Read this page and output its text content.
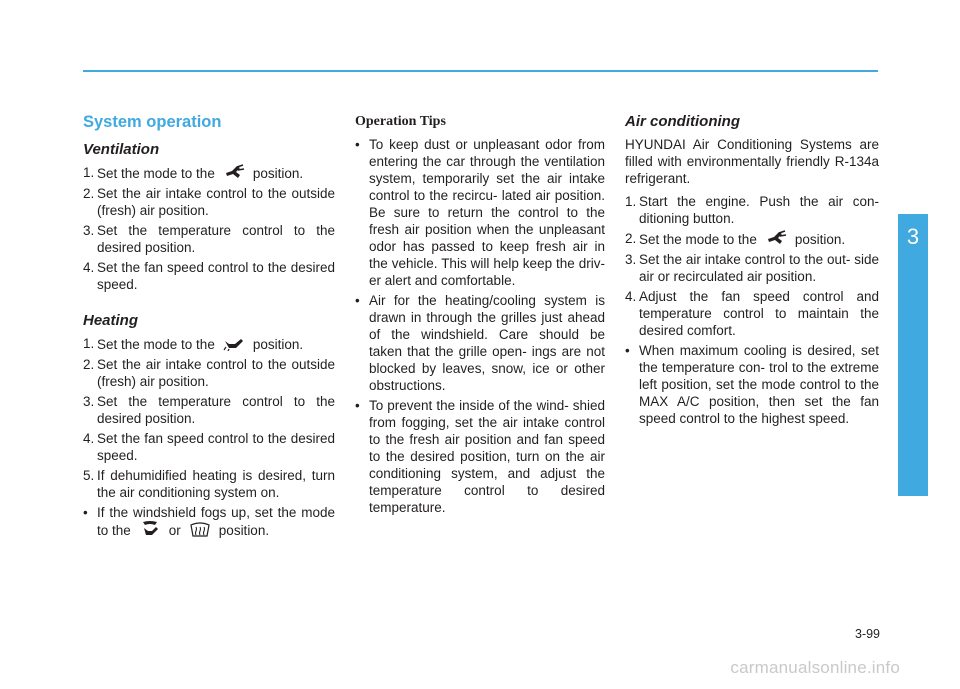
System operation
Ventilation
1. Set the mode to the	position.
2. Set the air intake control to the outside (fresh) air position.
3. Set the temperature control to the desired position.
4. Set the fan speed control to the desired speed.
Heating
1. Set the mode to the	position.
2. Set the air intake control to the outside (fresh) air position.
3. Set the temperature control to the desired position.
4. Set the fan speed control to the desired speed.
5. If dehumidified heating is desired, turn the air conditioning system on.
• If the windshield fogs up, set the mode to the	or	position.
Operation Tips
• To keep dust or unpleasant odor from entering the car through the ventilation system, temporarily set the air intake control to the recircu- lated air position. Be sure to return the control to the fresh air position when the unpleasant odor has passed to keep fresh air in the vehicle. This will help keep the driv- er alert and comfortable.
• Air for the heating/cooling system is drawn in through the grilles just ahead of the windshield. Care should be taken that the grille open- ings are not blocked by leaves, snow, ice or other obstructions.
• To prevent the inside of the wind- shied from fogging, set the air intake control to the fresh air position and fan speed to the desired position, turn on the air conditioning system, and adjust the temperature control to desired temperature.
Air conditioning
HYUNDAI Air Conditioning Systems are filled with environmentally friendly R-134a refrigerant.
1. Start the engine. Push the air con- ditioning button.
2. Set the mode to the	position.
3. Set the air intake control to the out- side air or recirculated air position.
4. Adjust the fan speed control and temperature control to maintain the desired comfort.
• When maximum cooling is desired, set the temperature con- trol to the extreme left position, set the mode control to the MAX A/C position, then set the fan speed control to the highest speed.
3
Convenient features of your vehicle
3-99
carmanualsonline.info
